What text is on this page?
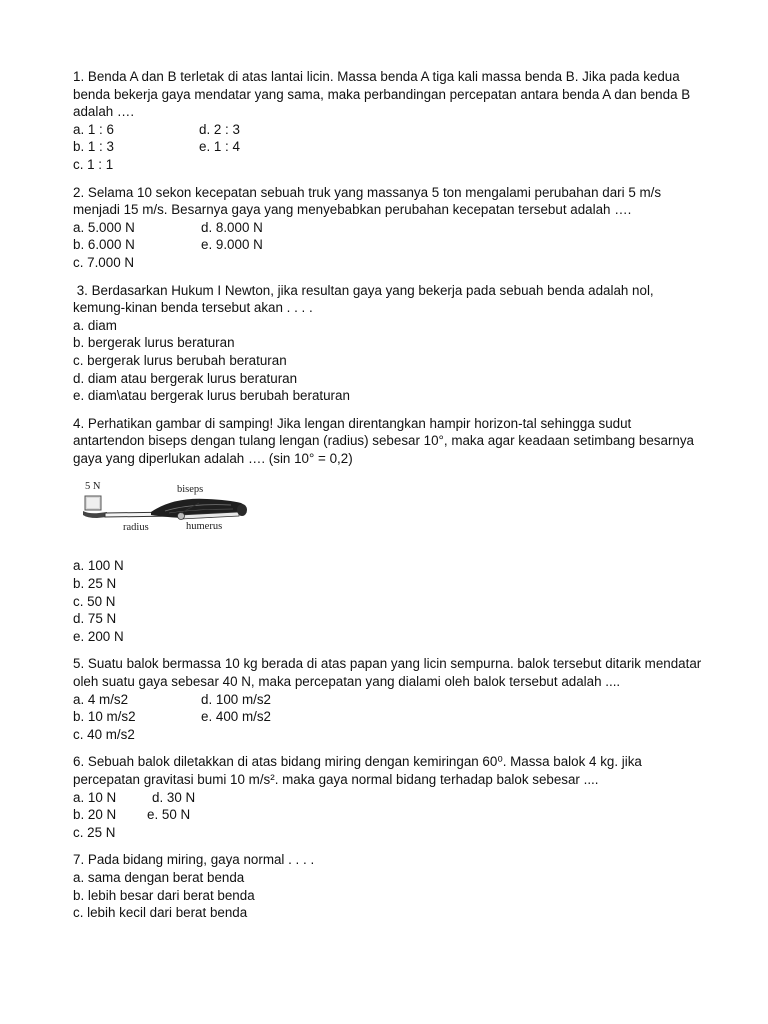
1. Benda A dan B terletak di atas lantai licin. Massa benda A tiga kali massa benda B. Jika pada kedua benda bekerja gaya mendatar yang sama, maka perbandingan percepatan antara benda A dan benda B adalah ….

a. 1 : 6	d. 2 : 3
b. 1 : 3	e. 1 : 4
c. 1 : 1

2. Selama 10 sekon kecepatan sebuah truk yang massanya 5 ton mengalami perubahan dari 5 m/s menjadi 15 m/s. Besarnya gaya yang menyebabkan perubahan kecepatan tersebut adalah ….

a. 5.000 N	d. 8.000 N
b. 6.000 N	e. 9.000 N
c. 7.000 N

3. Berdasarkan Hukum I Newton, jika resultan gaya yang bekerja pada sebuah benda adalah nol, kemung-kinan benda tersebut akan . . . .

a. diam
b. bergerak lurus beraturan
c. bergerak lurus berubah beraturan
d. diam atau bergerak lurus beraturan
e. diam\atau bergerak lurus berubah beraturan

4. Perhatikan gambar di samping! Jika lengan direntangkan hampir horizon-tal sehingga sudut antartendon biseps dengan tulang lengan (radius) sebesar 10°, maka agar keadaan setimbang besarnya gaya yang diperlukan adalah …. (sin 10° = 0,2)

5 N	biseps
radius	humerus
a. 100 N
b. 25 N
c. 50 N
d. 75 N
e. 200 N

5. Suatu balok bermassa 10 kg berada di atas papan yang licin sempurna. balok tersebut ditarik mendatar oleh suatu gaya sebesar 40 N, maka percepatan yang dialami oleh balok tersebut adalah ....

a. 4 m/s2	d. 100 m/s2
b. 10 m/s2	e. 400 m/s2
c. 40 m/s2

6. Sebuah balok diletakkan di atas bidang miring dengan kemiringan 60⁰. Massa balok 4 kg. jika percepatan gravitasi bumi 10 m/s². maka gaya normal bidang terhadap balok sebesar ....

a. 10 N	d. 30 N
b. 20 N	e. 50 N
c. 25 N

7. Pada bidang miring, gaya normal . . . .

a. sama dengan berat benda
b. lebih besar dari berat benda
c. lebih kecil dari berat benda
